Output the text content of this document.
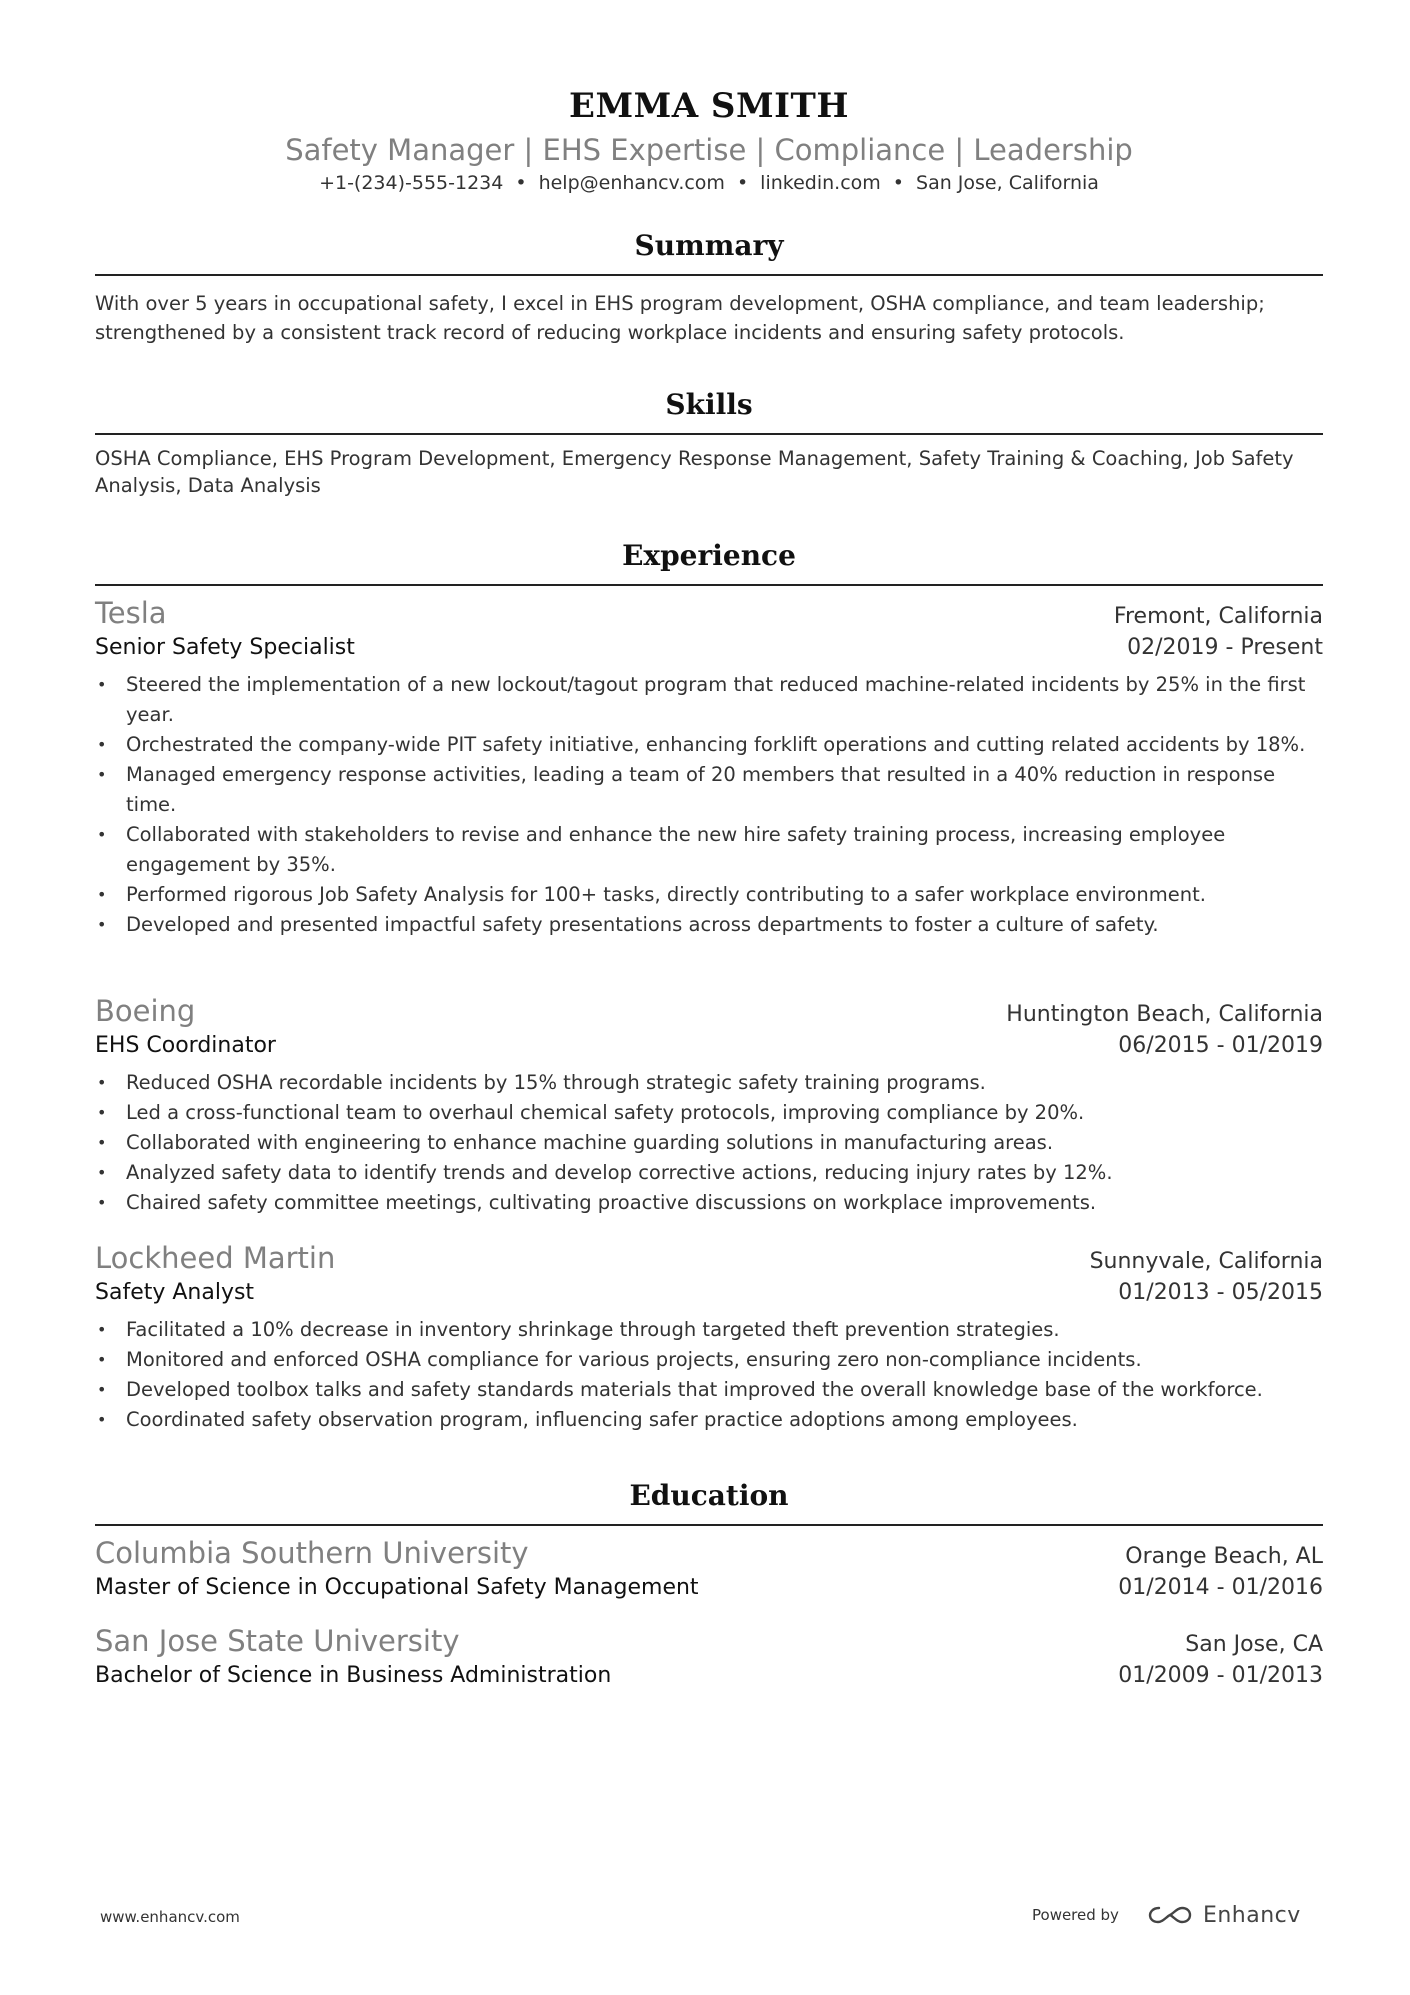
EMMA SMITH
Safety Manager | EHS Expertise | Compliance | Leadership
+1-(234)-555-1234 • help@enhancv.com • linkedin.com • San Jose, California
Summary
With over 5 years in occupational safety, I excel in EHS program development, OSHA compliance, and team leadership; strengthened by a consistent track record of reducing workplace incidents and ensuring safety protocols.
Skills
OSHA Compliance, EHS Program Development, Emergency Response Management, Safety Training & Coaching, Job Safety Analysis, Data Analysis
Experience
Tesla	Fremont, California
Senior Safety Specialist	02/2019 - Present
• Steered the implementation of a new lockout/tagout program that reduced machine-related incidents by 25% in the first year.
• Orchestrated the company-wide PIT safety initiative, enhancing forklift operations and cutting related accidents by 18%.
• Managed emergency response activities, leading a team of 20 members that resulted in a 40% reduction in response time.
• Collaborated with stakeholders to revise and enhance the new hire safety training process, increasing employee engagement by 35%.
• Performed rigorous Job Safety Analysis for 100+ tasks, directly contributing to a safer workplace environment.
• Developed and presented impactful safety presentations across departments to foster a culture of safety.
Boeing	Huntington Beach, California
EHS Coordinator	06/2015 - 01/2019
• Reduced OSHA recordable incidents by 15% through strategic safety training programs.
• Led a cross-functional team to overhaul chemical safety protocols, improving compliance by 20%.
• Collaborated with engineering to enhance machine guarding solutions in manufacturing areas.
• Analyzed safety data to identify trends and develop corrective actions, reducing injury rates by 12%.
• Chaired safety committee meetings, cultivating proactive discussions on workplace improvements.
Lockheed Martin	Sunnyvale, California
Safety Analyst	01/2013 - 05/2015
• Facilitated a 10% decrease in inventory shrinkage through targeted theft prevention strategies.
• Monitored and enforced OSHA compliance for various projects, ensuring zero non-compliance incidents.
• Developed toolbox talks and safety standards materials that improved the overall knowledge base of the workforce.
• Coordinated safety observation program, influencing safer practice adoptions among employees.
Education
Columbia Southern University	Orange Beach, AL
Master of Science in Occupational Safety Management	01/2014 - 01/2016
San Jose State University	San Jose, CA
Bachelor of Science in Business Administration	01/2009 - 01/2013
www.enhancv.com	Powered by	Enhancv
